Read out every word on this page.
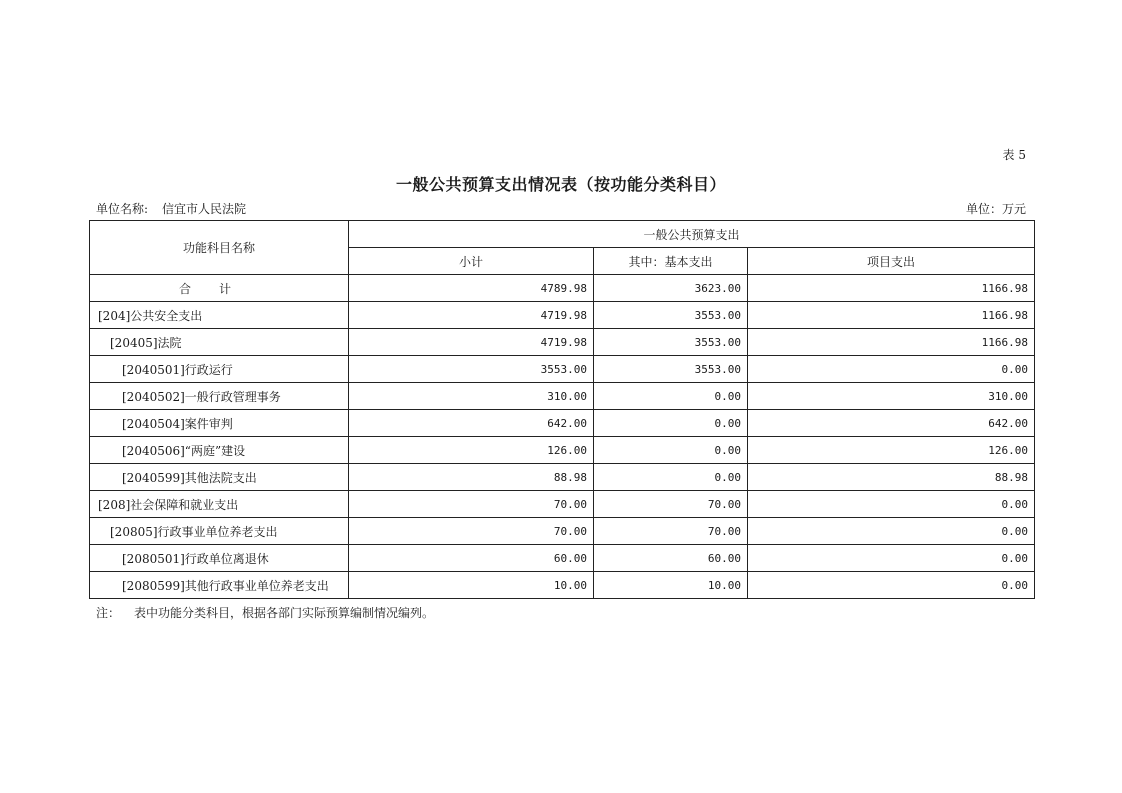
表 5
一般公共预算支出情况表（按功能分类科目）
单位名称: 信宜市人民法院	单位：万元
功能科目名称	一般公共预算支出		
	小计	其中：基本支出	项目支出
合计	4789.98	3623.00	1166.98
[204]公共安全支出	4719.98	3553.00	1166.98
[20405]法院	4719.98	3553.00	1166.98
[2040501]行政运行	3553.00	3553.00	0.00
[2040502]一般行政管理事务	310.00	0.00	310.00
[2040504]案件审判	642.00	0.00	642.00
[2040506]“两庭”建设	126.00	0.00	126.00
[2040599]其他法院支出	88.98	0.00	88.98
[208]社会保障和就业支出	70.00	70.00	0.00
[20805]行政事业单位养老支出	70.00	70.00	0.00
[2080501]行政单位离退休	60.00	60.00	0.00
[2080599]其他行政事业单位养老支出	10.00	10.00	0.00
注： 表中功能分类科目，根据各部门实际预算编制情况编列。
